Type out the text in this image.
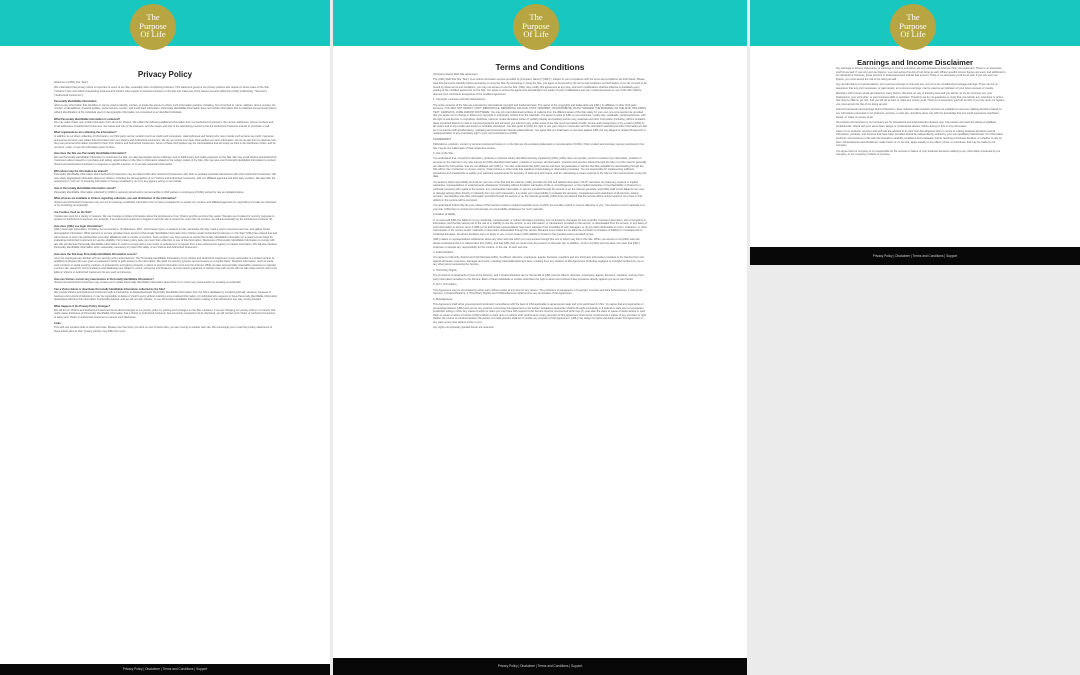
The
Purpose
Of Life
Privacy Policy
Welcome to [URL] (the "Site").
We understand that privacy online is important to users of our Site, especially when conducting business. This statement governs our privacy policies with respect to those users of the Site ("Visitors") who visit without transacting business and Visitors who register to transact business on the Site and make use of the various services offered by [URL] (collectively, "Services") ("Authorized Customers").
Personally Identifiable Information
refers to any information that identifies or can be used to identify, contact, or locate the person to whom such information pertains, including, but not limited to, name, address, phone number, fax number, email address, financial profiles, social security number, and credit card information. Personally Identifiable Information does not include information that is collected anonymously (that is, without identification of the individual user) or demographic information not connected to an identified individual.
What Personally Identifiable Information is collected?
We may collect basic user profile information from all of our Visitors. We collect the following additional information from our Authorized Customers: the names, addresses, phone numbers and email addresses of Authorized Customers, the nature and size of the business, and the nature and size of the advertising inventory that the Authorized Customer intends to purchase or sell.
What organizations are collecting the information?
In addition to our direct collection of information, our third party service vendors (such as credit card companies, clearinghouses and banks) who may provide such services as credit, insurance, and escrow services may collect this information from our Visitors and Authorized Customers. We do not control how these third parties use such information, but we do ask them to disclose how they use personal information provided to them from Visitors and Authorized Customers. Some of these third parties may be intermediaries that act solely as links in the distribution chain, and do not store, retain, or use the information given to them.
How does the Site use Personally Identifiable Information?
We use Personally Identifiable Information to customize the Site, to make appropriate service offerings, and to fulfill buying and selling requests on the Site. We may email Visitors and Authorized Customers about research or purchase and selling opportunities on the Site or information related to the subject matter of the Site. We may also use Personally Identifiable Information to contact Visitors and Authorized Customers in response to specific inquiries, or to provide requested information.
With whom may the information be shared?
Personally Identifiable Information about Authorized Customers may be shared with other Authorized Customers who wish to evaluate potential transactions with other Authorized Customers. We may share aggregated information about our Visitors, including the demographics of our Visitors and Authorized Customers, with our affiliated agencies and third party vendors. We also offer the opportunity to "opt out" of receiving information or being contacted by us or by any agency acting on our behalf.
How is Personally Identifiable Information stored?
Personally Identifiable Information collected by [URL] is securely stored and is not accessible to third parties or employees of [URL] except for use as indicated above.
What choices are available to Visitors regarding collection, use and distribution of the information?
Visitors and Authorized Customers may opt out of receiving unsolicited information from or being contacted by us and/or our vendors and affiliated agencies by responding to emails as instructed, or by contacting us at [Email].
Are Cookies Used on the Site?
Cookies are used for a variety of reasons. We use Cookies to obtain information about the preferences of our Visitors and the services they select. We also use Cookies for security purposes to protect our Authorized Customers. For example, if an Authorized Customer is logged on and the site is unused for more than 10 minutes, we will automatically log the Authorized Customer off.
How does [URL] use login information?
[URL] uses login information, including, but not limited to, IP addresses, ISPs, and browser types, to analyze trends, administer the Site, track a user's movement and use, and gather broad demographic information. What partners or service providers have access to Personally Identifiable Information from Visitors and/or Authorized Customers on the Site? [URL] has entered into and will continue to enter into partnerships and other affiliations with a number of vendors. Such vendors may have access to certain Personally Identifiable Information on a need to know basis for evaluating Authorized Customers for service eligibility. Our privacy policy does not cover their collection or use of this information. Disclosure of Personally Identifiable Information to comply with law. We will disclose Personally Identifiable Information in order to comply with a court order or subpoena or a request from a law enforcement agency to release information. We will also disclose Personally Identifiable Information when reasonably necessary to protect the safety of our Visitors and Authorized Customers.
How does the Site keep Personally Identifiable Information secure?
All of our employees are familiar with our security policy and practices. The Personally Identifiable Information of our Visitors and Authorized Customers is only accessible to a limited number of qualified employees who are given a password in order to gain access to the information. We audit our security systems and processes on a regular basis. Sensitive information, such as credit card numbers or social security numbers, is protected by encryption protocols, in place to protect information sent over the Internet. While we take commercially reasonable measures to maintain a secure site, electronic communications and databases are subject to errors, tampering and break-ins, and we cannot guarantee or warrant that such events will not take place and we will not be liable to Visitors or Authorized Customers for any such occurrences.
How can Visitors correct any inaccuracies in Personally Identifiable Information?
Visitors and Authorized Customers may contact us to update Personally Identifiable Information about them or to correct any inaccuracies by emailing us at [Email].
Can a Visitor delete or deactivate Personally Identifiable Information collected by the Site?
We provide Visitors and Authorized Customers with a mechanism to delete/deactivate Personally Identifiable Information from the Site's database by contacting [Email]. However, because of backups and records of deletions, it may be impossible to delete a Visitor's entry without retaining some residual information. An individual who requests to have Personally Identifiable Information deactivated will have this information functionally deleted, and we will not sell, transfer, or use Personally Identifiable Information relating to that individual in any way moving forward.
What happens if the Privacy Policy Changes?
We will let our Visitors and Authorized Customers know about changes to our privacy policy by posting such changes on the Site. However, if we are changing our privacy policy in a manner that might cause disclosure of Personally Identifiable Information that a Visitor or Authorized Customer has previously requested not be disclosed, we will contact such Visitor or Authorized Customer to allow such Visitor or Authorized Customer to prevent such disclosure.
Links:
This web site contains links to other web sites. Please note that when you click on one of these links, you are moving to another web site. We encourage you to read the privacy statements of these linked sites as their privacy policies may differ from ours.
Privacy Policy | Disclaimer | Terms and Conditions | Support
The
Purpose
Of Life
Terms and Conditions
[Company Name] Web Site Agreement
The [URL] Web Site (the "Site") is an online information service provided by [Company Name] ("[URL]"), subject to your compliance with the terms and conditions set forth below. Please read this document carefully before accessing or using the Site. By accessing or using the Site, you agree to be bound by the terms and conditions set forth below. If you do not wish to be bound by these terms and conditions, you may not access or use the Site. [URL] may modify this agreement at any time, and such modifications shall be effective immediately upon posting of the modified agreement on the Site. You agree to review the agreement periodically to be aware of such modifications and your continued access or use of the Site shall be deemed your conclusive acceptance of the modified agreement.
1. Copyright, Licenses and Idea Submissions.
The entire contents of the Site are protected by international copyright and trademark laws. The owner of the copyrights and trademarks are [URL], its affiliates or other third party licensors. YOU MAY NOT MODIFY, COPY, REPRODUCE, REPUBLISH, UPLOAD, POST, TRANSMIT, OR DISTRIBUTE, IN ANY MANNER, THE MATERIAL ON THE SITE, INCLUDING TEXT, GRAPHICS, CODE AND/OR SOFTWARE. You may print and download portions of material from the different areas of the Site solely for your own non-commercial use provided that you agree not to change or delete any copyright or proprietary notices from the materials. You agree to grant to [URL] a non-exclusive, royalty-free, worldwide, perpetual license, with the right to sub-license, to reproduce, distribute, transmit, create derivative works of, publicly display and publicly perform any materials and other information (including, without limitation, ideas contained therein for new or improved products and services) you submit to any public areas of the Site (such as bulletin boards, forums and newsgroups) or by e-mail to [URL] by all means and in any media now known or hereafter developed. You also grant to [URL] the right to use your name in connection with the submitted materials and other information as well as in connection with all advertising, marketing and promotional material related thereto. You agree that you shall have no recourse against [URL] for any alleged or actual infringement or misappropriation of any proprietary right in your communications to [URL].
TRADEMARKS
Publications, products, content or services referenced herein or on the Site are the exclusive trademarks or servicemarks of [URL]. Other product and company names mentioned in the Site may be the trademarks of their respective owners.
2. Use of the Site.
You understand that, except for information, products or services clearly identified as being supplied by [URL], [URL] does not operate, control or endorse any information, products or services on the Internet in any way. Except for [URL]-identified information, products or services, all information, products and services offered through the Site or on the Internet generally are offered by third parties, that are not affiliated with [URL] a. You also understand that [URL] cannot and does not guarantee or warrant that files available for downloading through the Site will be free of infection or viruses, worms, Trojan horses or other code that manifest contaminating or destructive properties. You are responsible for implementing sufficient procedures and checkpoints to satisfy your particular requirements for accuracy of data input and output, and for maintaining a means external to the Site for the reconstruction of any lost data.
You assume total responsibility and risk for your use of the Site and the Internet. [URL] provides the Site and related information "AS IS" and does not make any express or implied warranties, representations or endorsements whatsoever (including without limitation warranties of title or noninfringement, or the implied warranties of merchantability or fitness for a particular purpose) with regard to the service, any merchandise information or service provided through the service or on the Internet generally, and [URL] shall not be liable for any cost or damage arising either directly or indirectly from any such transaction. It is solely your responsibility to evaluate the accuracy, completeness and usefulness of all opinions, advice, services, merchandise and other information provided through the service or on the Internet generally. [URL] does not warrant that the service will be uninterrupted or error-free or that defects in the service will be corrected.
You understand further that the pure nature of the Internet contains unedited materials some of which are sexually explicit or may be offensive to you. Your access to such materials is at your risk. [URL] has no control over and accepts no responsibility whatsoever for such materials.
Limitation of liability
In no event will [URL] be liable for (i) any incidental, consequential, or indirect damages (including, but not limited to, damages for loss of profits, business interruption, loss of programs or information, and the like) arising out of the use of or inability to use the service, or any information, or transactions provided on the service, or downloaded from the service, or any delay of such information or service. Even if [URL] or its authorized representatives have been advised of the possibility of such damages, or (ii) any claim attributable to errors, omissions, or other inaccuracies in the service and/or materials or information downloaded through the service. Because some states do not allow the exclusion or limitation of liability for consequential or incidental damages, the above limitation may not apply to you. In such states, [URL] liability is limited to the greatest extent permitted by law.
[URL] makes no representations whatsoever about any other web site which you may access through this one or which may link to this Site. When you access a non-[URL] web site, please understand that it is independent from [URL], and that [URL] has no control over the content on that web site. In addition, a link to a [URL] web site does not mean that [URL] endorses or accepts any responsibility for the content, or the use, of such web site.
3. Indemnification.
You agree to indemnify, defend and hold harmless [URL], its officers, directors, employees, agents, licensors, suppliers and any third party information providers to the Service from and against all losses, expenses, damages and costs, including reasonable attorneys' fees, resulting from any violation of this Agreement (including negligent or wrongful conduct) by you or any other person accessing the Service.
4. Third Party Rights.
The provisions of paragraphs 2 (Use of the Service), and 3 (Indemnification) are for the benefit of [URL] and its officers, directors, employees, agents, licensors, suppliers, and any third party information providers to the Service. Each of these individuals or entities shall have the right to assert and enforce those provisions directly against you on its own behalf.
5. Term; Termination.
This Agreement may be terminated by either party without notice at any time for any reason. The provisions of paragraphs 1 (Copyright, Licenses and Idea Submissions), 2 (Use of the Service), 3 (Indemnification), 4 (Third Party Rights) and 6 (Miscellaneous) shall survive any termination of this Agreement.
6. Miscellaneous.
This Agreement shall all be governed and construed in accordance with the laws of USA applicable to agreements made and to be performed in USA. You agree that any legal action or proceeding between [URL] and you for any purpose concerning this Agreement or the parties' obligations hereunder shall be brought exclusively in a federal or state court of competent jurisdiction sitting in USA. Any cause of action or claim you may have with respect to the Service must be commenced within one (1) year after the claim or cause of action arises or such claim or cause of action is barred. [URL]'s failure to insist upon or enforce strict performance of any provision of this Agreement shall not be construed as a waiver of any provision or right. Neither the course of conduct between the parties nor trade practice shall act to modify any provision of this Agreement. [URL] may assign its rights and duties under this Agreement to any party at any time without notice to you.
Any rights not expressly granted herein are reserved.
Privacy Policy | Disclaimer | Terms and Conditions | Support
The
Purpose
Of Life
Earnings and Income Disclaimer
Any earnings or income statements, or earnings or income examples, are only estimates of what we think you could earn. There is no assurance you'll do as well. If you rely upon our figures, you must accept the risk of not doing as well. Where specific income figures are used, and attributed to an individual or business, those persons or businesses have earned that amount. There is no assurance you'll do as well. If you rely upon our figures, you must accept the risk of not doing as well.
Any and all claims or representations, as to income earnings on this web site, are not to be considered as average earnings. There can be no assurance that any prior successes, or past results, as to income earnings, can be used as an indication of your future success or results.
Monetary and income results are based on many factors. We have no way of knowing how well you will do, as we do not know you, your background, your work ethic, or your business skills or practices. Therefore we do not guarantee or imply that you will win any incentives or prizes that may be offered, get rich, that you will do as well, or make any money at all. There is no assurance you'll do as well. If you rely upon our figures, you must accept the risk of not doing as well.
Internet businesses and earnings derived therefrom, have unknown risks involved, and are not suitable for everyone. Making decisions based on any information presented in our products, services, or web site, should be done only with the knowledge that you could experience significant losses, or make no money at all.
All products and services by our company are for educational and informational purposes only. Use caution and seek the advice of qualified professionals. Check with your accountant, lawyer or professional advisor, before acting on this or any information.
Users of our products, services and web site are advised to do their own due diligence when it comes to making business decisions and all information, products, and services that have been provided should be independently verified by your own qualified professionals. Our information, products, and services on this web site should be carefully considered and evaluated, before reaching a business decision, on whether to rely on them. All disclosures and disclaimers made herein or on our site, apply equally to any offers, prizes, or incentives, that may be made by our company.
You agree that our company is not responsible for the success or failure of your business decisions relating to any information presented by our company, or our company products or services.
Privacy Policy | Disclaimer | Terms and Conditions | Support
